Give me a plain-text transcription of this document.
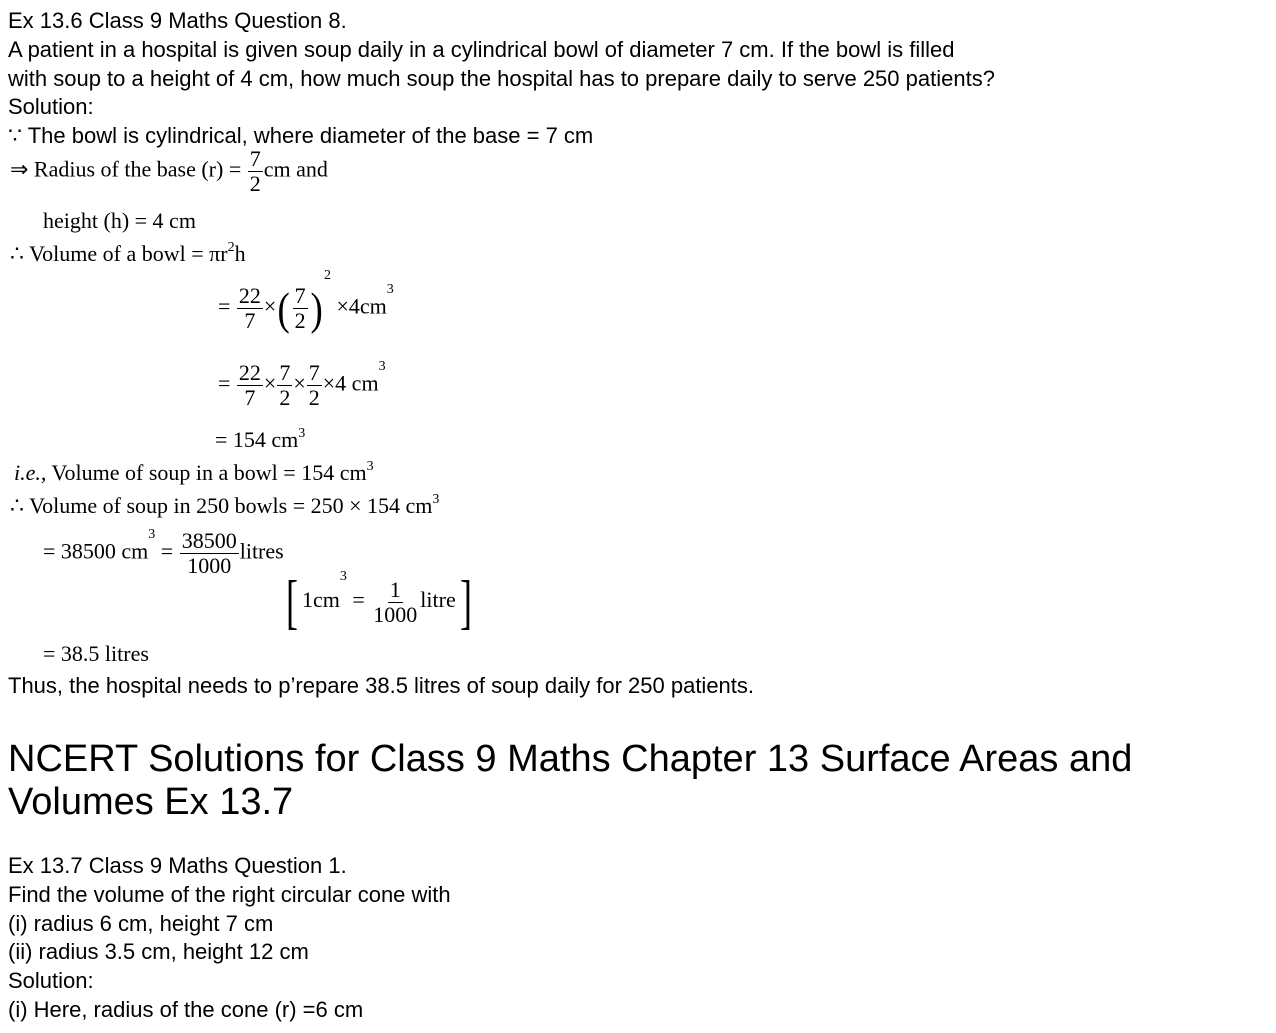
Ex 13.6 Class 9 Maths Question 8.
A patient in a hospital is given soup daily in a cylindrical bowl of diameter 7 cm. If the bowl is filled
with soup to a height of 4 cm, how much soup the hospital has to prepare daily to serve 250 patients?
Solution:
∵ The bowl is cylindrical, where diameter of the base = 7 cm
⇒ Radius of the base $(r) = \frac{7}{2}$ cm and
height (h) = 4 cm
∴ Volume of a bowl = $\pi r^2h$
= $\frac{22}{7}$ ×( $\frac{7}{2} )^2 \times 4cm^3$
= $\frac{22}{7} \times \frac{7}{2} \times \frac{7}{2} \times 4$ $cm^3$
= 154 $cm^3$
i.e., Volume of soup in a bowl = 154 $cm^3$
∴ Volume of soup in 250 bowls = 250 × 154 $cm^3$
= 38500 $cm^3 = \frac{38500}{1000}$ litres
[ $1cm^3 = \frac{1}{1000}$ litre]
= 38.5 litres
Thus, the hospital needs to p’repare 38.5 litres of soup daily for 250 patients.
NCERT Solutions for Class 9 Maths Chapter 13 Surface Areas and Volumes Ex 13.7
Ex 13.7 Class 9 Maths Question 1.
Find the volume of the right circular cone with
(i) radius 6 cm, height 7 cm
(ii) radius 3.5 cm, height 12 cm
Solution:
(i) Here, radius of the cone (r) =6 cm
